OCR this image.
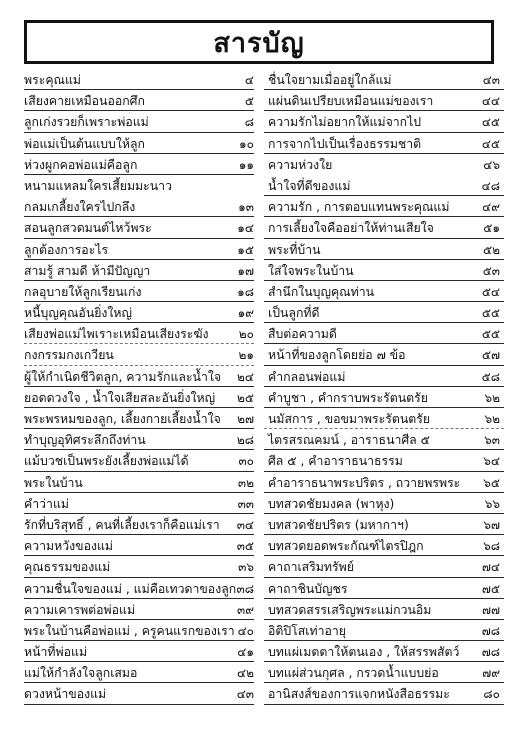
สารบัญ
พระคุณแม่	๔
เสียงคายเหมือนออกศึก	๕
ลูกเก่งรวยก็เพราะพ่อแม่	๘
พ่อแม่เป็นต้นแบบให้ลูก	๑๐
ห่วงผูกคอพ่อแม่คือลูก	๑๑
หนามแหลมใครเสี้ยมมะนาว
กลมเกลี้ยงใครไปกลึง	๑๓
สอนลูกสวดมนต์ไหว้พระ	๑๔
ลูกต้องการอะไร	๑๕
สามรู้ สามดี ห้ามีปัญญา	๑๗
กลอุบายให้ลูกเรียนเก่ง	๑๘
หนี้บุญคุณอันยิ่งใหญ่	๑๙
เสียงพ่อแม่ไพเราะเหมือนเสียงระฆัง	๒๐
กงกรรมกงเกวียน	๒๑
ผู้ให้กำเนิดชีวิตลูก, ความรักและน้ำใจ ๒๔
ยอดดวงใจ , น้ำใจเสียสละอันยิ่งใหญ่ ๒๕
พระพรหมของลูก, เลี้ยงกายเลี้ยงน้ำใจ ๒๗
ทำบุญอุทิศระลึกถึงท่าน	๒๘
แม้บวชเป็นพระยังเลี้ยงพ่อแม่ได้	๓๐
พระในบ้าน	๓๒
คำว่าแม่	๓๓
รักที่บริสุทธิ์ , คนที่เลี้ยงเราก็คือแม่เรา ๓๔
ความหวังของแม่	๓๕
คุณธรรมของแม่	๓๖
ความชื่นใจของแม่ , แม่คือเทวดาของลูก ๓๘
ความเคารพต่อพ่อแม่	๓๙
พระในบ้านคือพ่อแม่ , ครูคนแรกของเรา ๔๐
หน้าที่พ่อแม่	๔๑
แม่ให้กำลังใจลูกเสมอ	๔๒
ดวงหน้าของแม่	๔๓
ชื่นใจยามเมื่ออยู่ใกล้แม่	๔๓
แผ่นดินเปรียบเหมือนแม่ของเรา	๔๔
ความรักไม่อยากให้แม่จากไป	๔๕
การจากไปเป็นเรื่องธรรมชาติ	๔๕
ความห่วงใย	๔๖
น้ำใจที่ดีของแม่	๔๘
ความรัก , การตอบแทนพระคุณแม่	๔๙
การเลี้ยงใจคืออย่าให้ท่านเสียใจ	๕๑
พระที่บ้าน	๕๒
ใส่ใจพระในบ้าน	๕๓
สำนึกในบุญคุณท่าน	๕๔
เป็นลูกที่ดี	๕๕
สืบต่อความดี	๕๕
หน้าที่ของลูกโดยย่อ ๗ ข้อ	๕๗
คำกลอนพ่อแม่	๕๘
คำบูชา , คำกราบพระรัตนตรัย	๖๒
นมัสการ , ขอขมาพระรัตนตรัย	๖๒
ไตรสรณคมน์ , อาราธนาศีล ๕	๖๓
ศีล ๕ , คำอาราธนาธรรม	๖๔
คำอาราธนาพระปริตร , ถวายพรพระ ๖๕
บทสวดชัยมงคล (พาหุง)	๖๖
บทสวดชัยปริตร (มหากาฯ)	๖๗
บทสวดยอดพระกัณฑ์ไตรปิฎก	๖๘
คาถาเสริมทรัพย์	๗๔
คาถาชินบัญชร	๗๕
บทสวดสรรเสริญพระแม่กวนอิม	๗๗
อิติปิโสเท่าอายุ	๗๘
บทแผ่เมตตาให้ตนเอง , ให้สรรพสัตว์ ๗๘
บทแผ่ส่วนกุศล , กรวดน้ำแบบย่อ	๗๙
อานิสงส์ของการแจกหนังสือธรรมะ	๘๐
